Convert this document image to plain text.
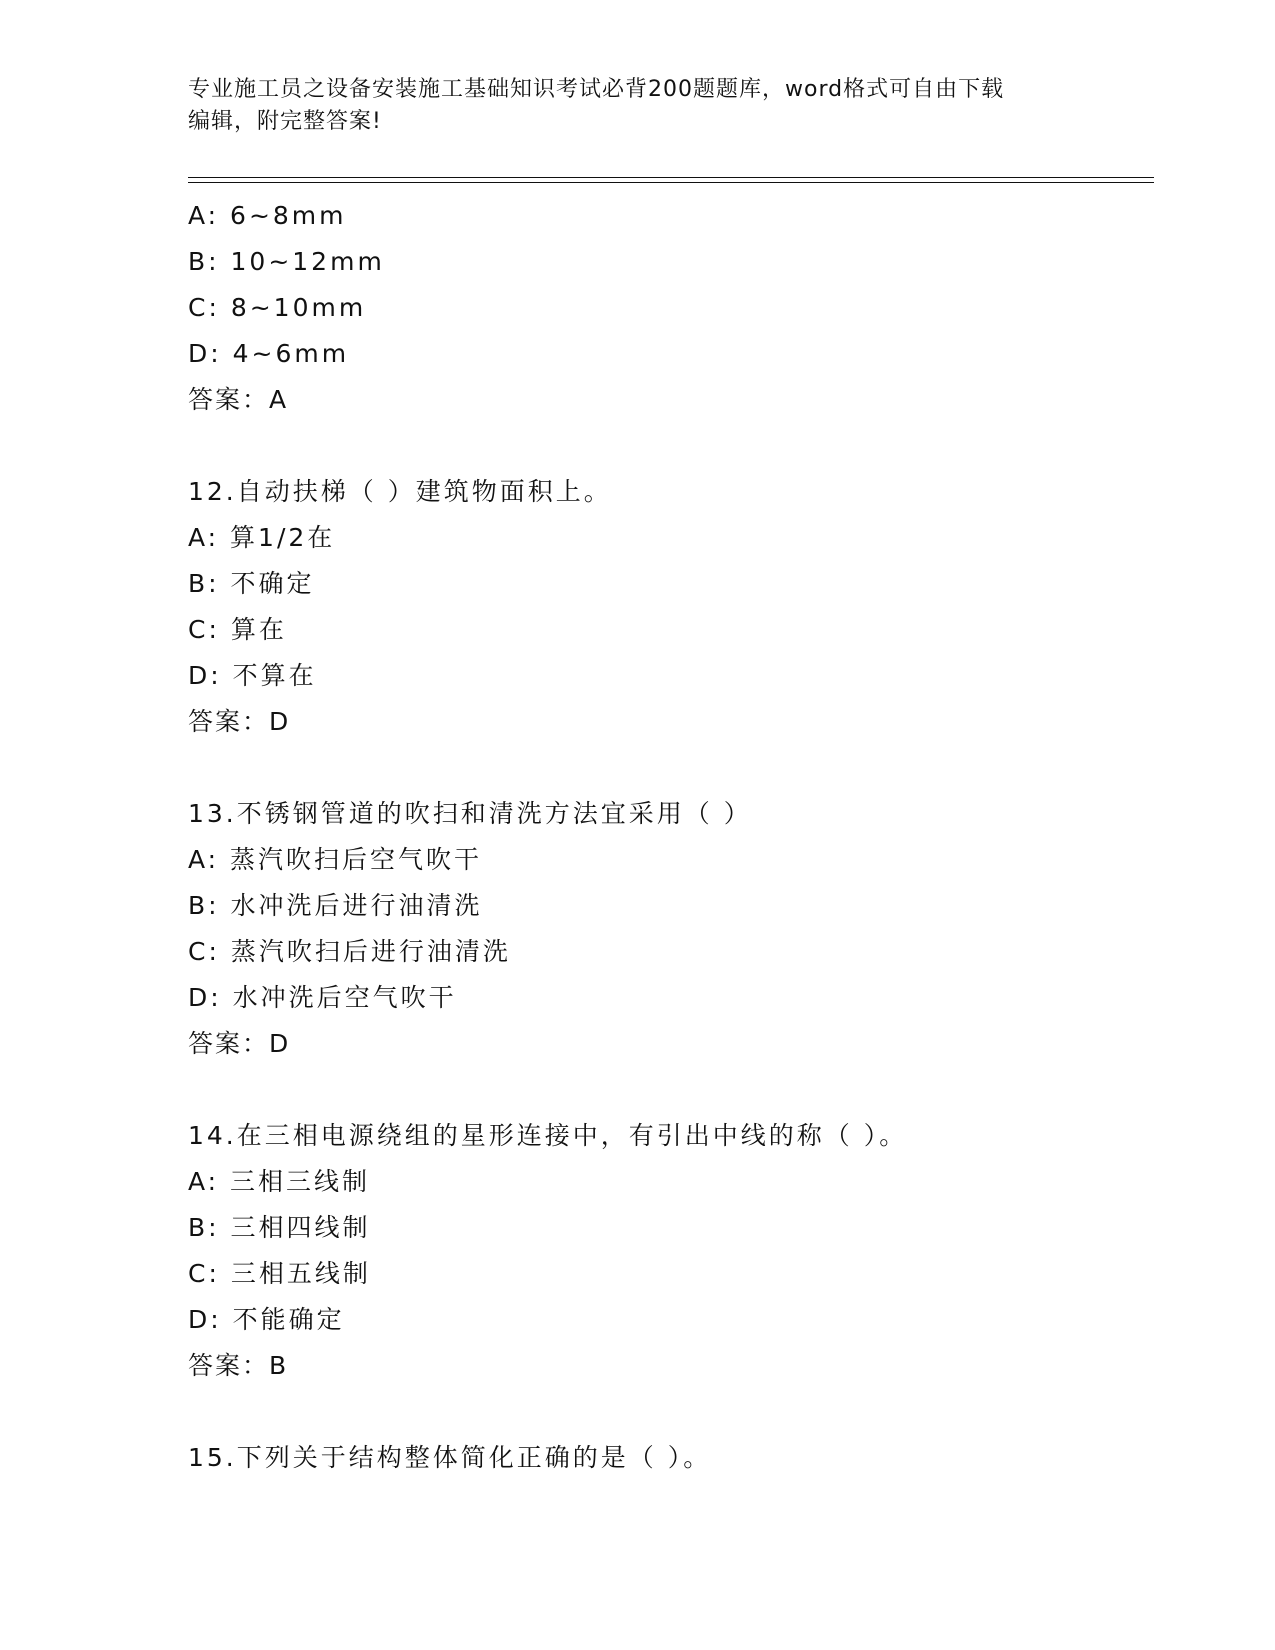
专业施工员之设备安装施工基础知识考试必背200题题库，word格式可自由下载
编辑，附完整答案!
A: 6~8mm
B: 10~12mm
C: 8~10mm
D: 4~6mm
答案：A
12.自动扶梯（ ）建筑物面积上。
A: 算1/2在
B: 不确定
C: 算在
D: 不算在
答案：D
13.不锈钢管道的吹扫和清洗方法宜采用（ ）
A: 蒸汽吹扫后空气吹干
B: 水冲洗后进行油清洗
C: 蒸汽吹扫后进行油清洗
D: 水冲洗后空气吹干
答案：D
14.在三相电源绕组的星形连接中，有引出中线的称（ ）。
A: 三相三线制
B: 三相四线制
C: 三相五线制
D: 不能确定
答案：B
15.下列关于结构整体简化正确的是（ ）。
